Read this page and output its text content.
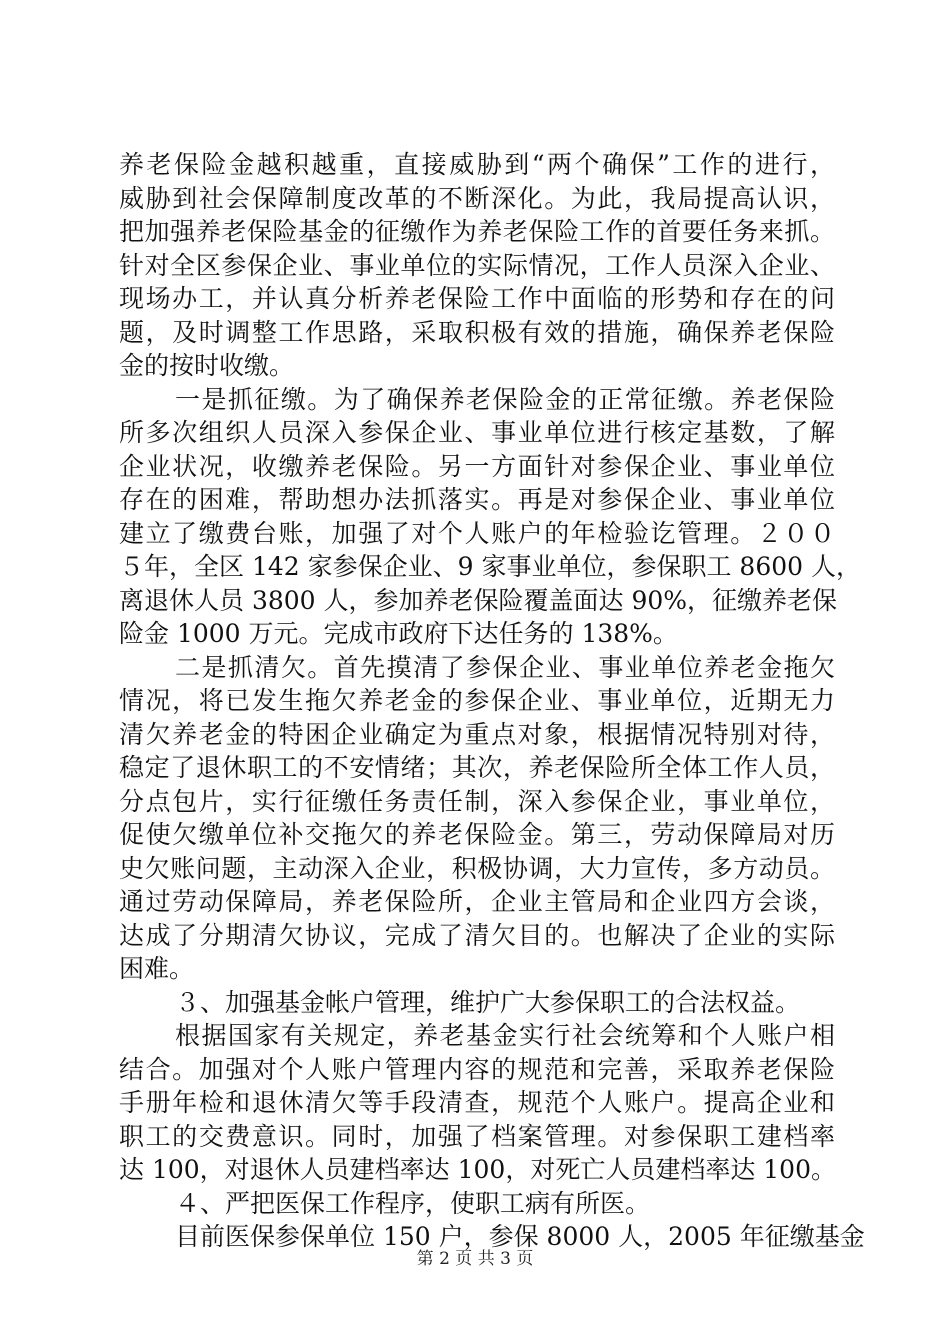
养老保险金越积越重，直接威胁到“两个确保”工作的进行，
威胁到社会保障制度改革的不断深化。为此，我局提高认识，
把加强养老保险基金的征缴作为养老保险工作的首要任务来抓。
针对全区参保企业、事业单位的实际情况，工作人员深入企业、
现场办工，并认真分析养老保险工作中面临的形势和存在的问
题，及时调整工作思路，采取积极有效的措施，确保养老保险
金的按时收缴。
一是抓征缴。为了确保养老保险金的正常征缴。养老保险
所多次组织人员深入参保企业、事业单位进行核定基数，了解
企业状况，收缴养老保险。另一方面针对参保企业、事业单位
存在的困难，帮助想办法抓落实。再是对参保企业、事业单位
建立了缴费台账，加强了对个人账户的年检验讫管理。２００
５年，全区 142 家参保企业、9 家事业单位，参保职工 8600 人，
离退休人员 3800 人，参加养老保险覆盖面达 90%，征缴养老保
险金 1000 万元。完成市政府下达任务的 138%。
二是抓清欠。首先摸清了参保企业、事业单位养老金拖欠
情况，将已发生拖欠养老金的参保企业、事业单位，近期无力
清欠养老金的特困企业确定为重点对象，根据情况特别对待，
稳定了退休职工的不安情绪；其次，养老保险所全体工作人员，
分点包片，实行征缴任务责任制，深入参保企业，事业单位，
促使欠缴单位补交拖欠的养老保险金。第三，劳动保障局对历
史欠账问题，主动深入企业，积极协调，大力宣传，多方动员。
通过劳动保障局，养老保险所，企业主管局和企业四方会谈，
达成了分期清欠协议，完成了清欠目的。也解决了企业的实际
困难。
３、加强基金帐户管理，维护广大参保职工的合法权益。
根据国家有关规定，养老基金实行社会统筹和个人账户相
结合。加强对个人账户管理内容的规范和完善，采取养老保险
手册年检和退休清欠等手段清查，规范个人账户。提高企业和
职工的交费意识。同时，加强了档案管理。对参保职工建档率
达 100，对退休人员建档率达 100，对死亡人员建档率达 100。
４、严把医保工作程序，使职工病有所医。
目前医保参保单位 150 户，参保 8000 人，2005 年征缴基金
第 2 页 共 3 页
